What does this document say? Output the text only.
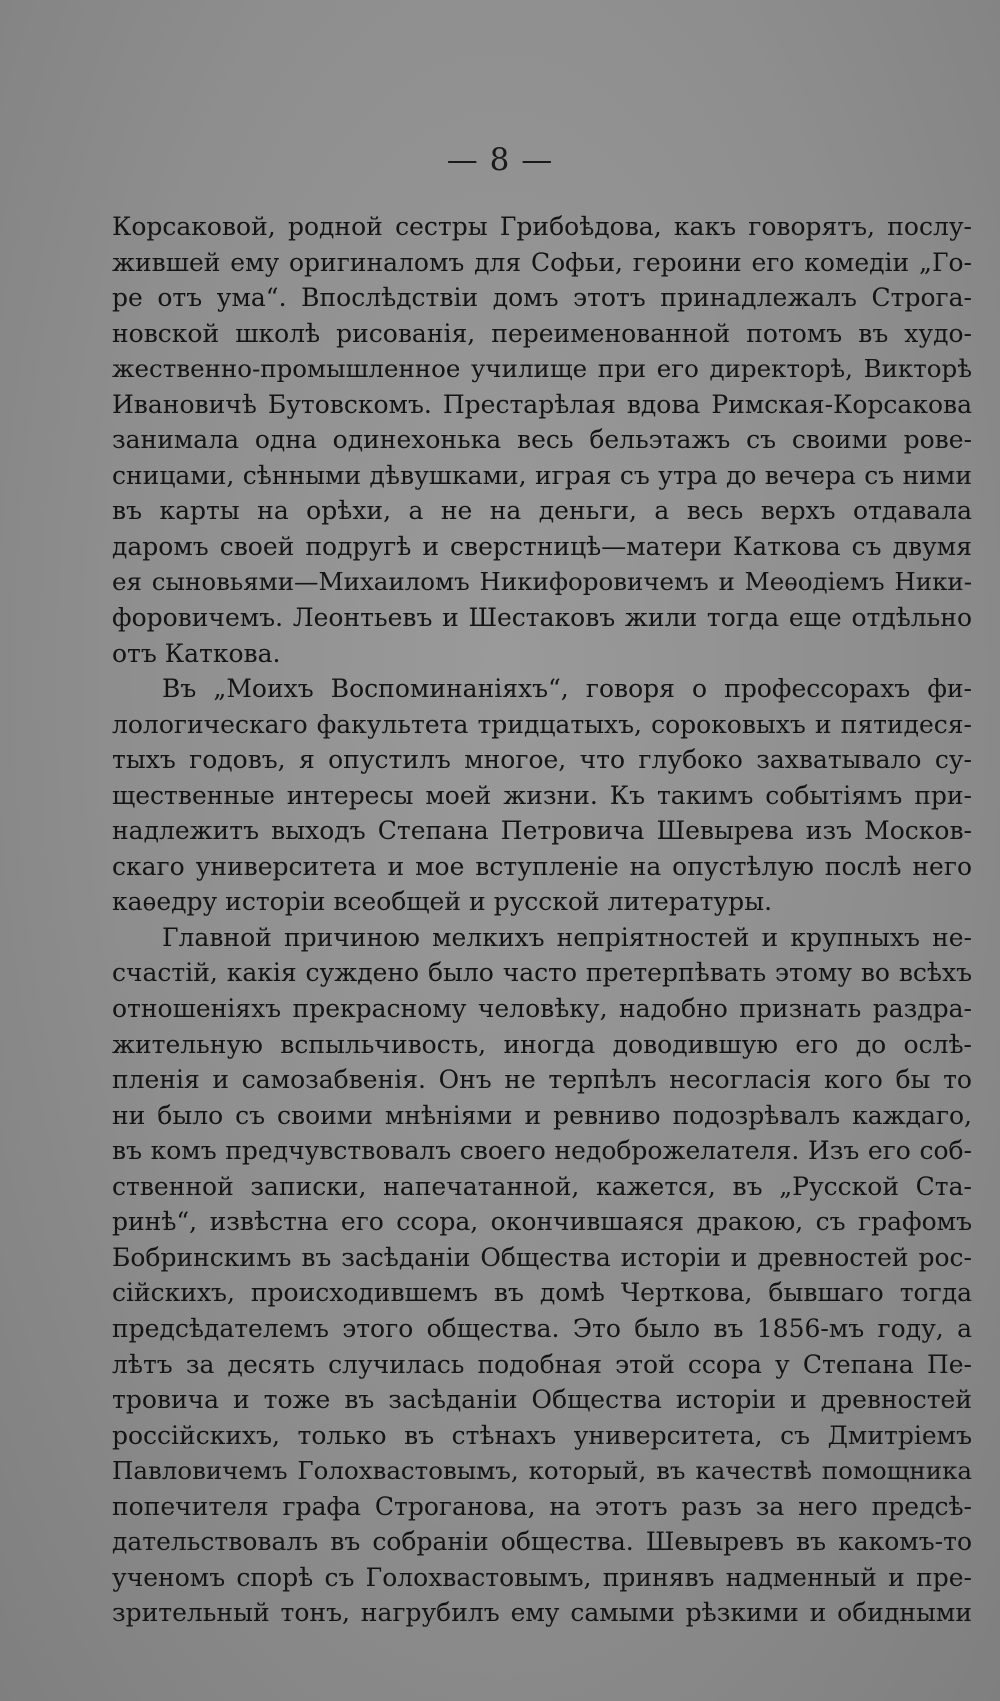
— 8 —
Корсаковой, родной сестры Грибоѣдова, какъ говорятъ, послу-
жившей ему оригиналомъ для Софьи, героини его комедіи „Го-
ре отъ ума“. Впослѣдствіи домъ этотъ принадлежалъ Строга-
новской школѣ рисованія, переименованной потомъ въ худо-
жественно-промышленное училище при его директорѣ, Викторѣ
Ивановичѣ Бутовскомъ. Престарѣлая вдова Римская-Корсакова
занимала одна одинехонька весь бельэтажъ съ своими рове-
сницами, сѣнными дѣвушками, играя съ утра до вечера съ ними
въ карты на орѣхи, а не на деньги, а весь верхъ отдавала
даромъ своей подругѣ и сверстницѣ—матери Каткова съ двумя
ея сыновьями—Михаиломъ Никифоровичемъ и Меѳодіемъ Ники-
форовичемъ. Леонтьевъ и Шестаковъ жили тогда еще отдѣльно
отъ Каткова.
Въ „Моихъ Воспоминаніяхъ“, говоря о профессорахъ фи-
лологическаго факультета тридцатыхъ, сороковыхъ и пятидеся-
тыхъ годовъ, я опустилъ многое, что глубоко захватывало су-
щественные интересы моей жизни. Къ такимъ событіямъ при-
надлежитъ выходъ Степана Петровича Шевырева изъ Москов-
скаго университета и мое вступленіе на опустѣлую послѣ него
каѳедру исторіи всеобщей и русской литературы.
Главной причиною мелкихъ непріятностей и крупныхъ не-
счастій, какія суждено было часто претерпѣвать этому во всѣхъ
отношеніяхъ прекрасному человѣку, надобно признать раздра-
жительную вспыльчивость, иногда доводившую его до ослѣ-
пленія и самозабвенія. Онъ не терпѣлъ несогласія кого бы то
ни было съ своими мнѣніями и ревниво подозрѣвалъ каждаго,
въ комъ предчувствовалъ своего недоброжелателя. Изъ его соб-
ственной записки, напечатанной, кажется, въ „Русской Ста-
ринѣ“, извѣстна его ссора, окончившаяся дракою, съ графомъ
Бобринскимъ въ засѣданіи Общества исторіи и древностей рос-
сійскихъ, происходившемъ въ домѣ Черткова, бывшаго тогда
предсѣдателемъ этого общества. Это было въ 1856-мъ году, а
лѣтъ за десять случилась подобная этой ссора у Степана Пе-
тровича и тоже въ засѣданіи Общества исторіи и древностей
россійскихъ, только въ стѣнахъ университета, съ Дмитріемъ
Павловичемъ Голохвастовымъ, который, въ качествѣ помощника
попечителя графа Строганова, на этотъ разъ за него предсѣ-
дательствовалъ въ собраніи общества. Шевыревъ въ какомъ-то
ученомъ спорѣ съ Голохвастовымъ, принявъ надменный и пре-
зрительный тонъ, нагрубилъ ему самыми рѣзкими и обидными
